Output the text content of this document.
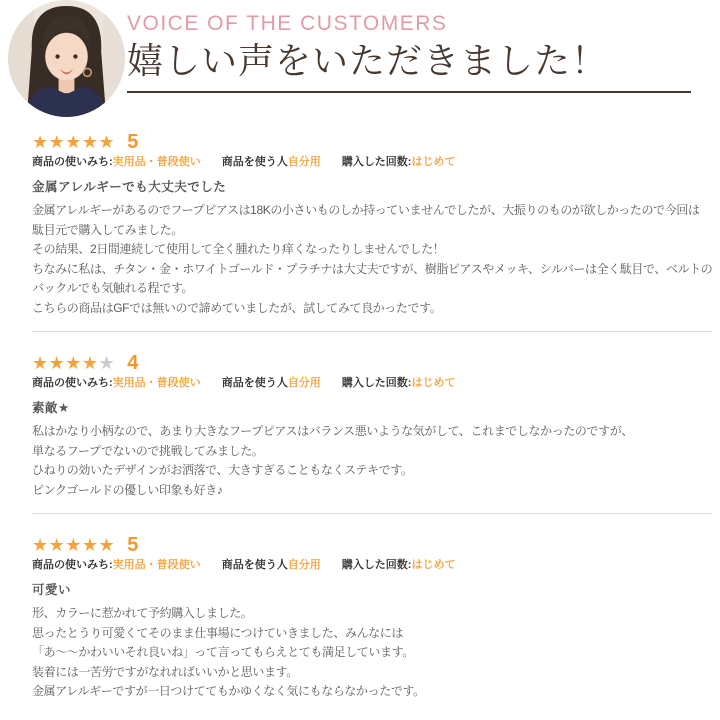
VOICE OF THE CUSTOMERS
嬉しい声をいただきました！
★★★★★ 5
商品の使いみち:実用品・普段使い 商品を使う人自分用 購入した回数:はじめて
金属アレルギーでも大丈夫でした
金属アレルギーがあるのでフープピアスは18Kの小さいものしか持っていませんでしたが、大振りのものが欲しかったので今回は
駄目元で購入してみました。
その結果、2日間連続して使用して全く腫れたり痒くなったりしませんでした！
ちなみに私は、チタン・金・ホワイトゴールド・プラチナは大丈夫ですが、樹脂ピアスやメッキ、シルバーは全く駄目で、ベルトの
バックルでも気触れる程です。
こちらの商品はGFでは無いので諦めていましたが、試してみて良かったです。
★★★★★ 4
商品の使いみち:実用品・普段使い 商品を使う人自分用 購入した回数:はじめて
素敵★
私はかなり小柄なので、あまり大きなフープピアスはバランス悪いような気がして、これまでしなかったのですが、
単なるフープでないので挑戦してみました。
ひねりの効いたデザインがお洒落で、大きすぎることもなくステキです。
ピンクゴールドの優しい印象も好き♪
★★★★★ 5
商品の使いみち:実用品・普段使い 商品を使う人自分用 購入した回数:はじめて
可愛い
形、カラーに惹かれて予約購入しました。
思ったとうり可愛くてそのまま仕事場につけていきました、みんなには
「あ～～かわいいそれ良いね」って言ってもらえとても満足しています。
装着には一苦労ですがなれればいいかと思います。
金属アレルギーですが一日つけててもかゆくなく気にもならなかったです。
